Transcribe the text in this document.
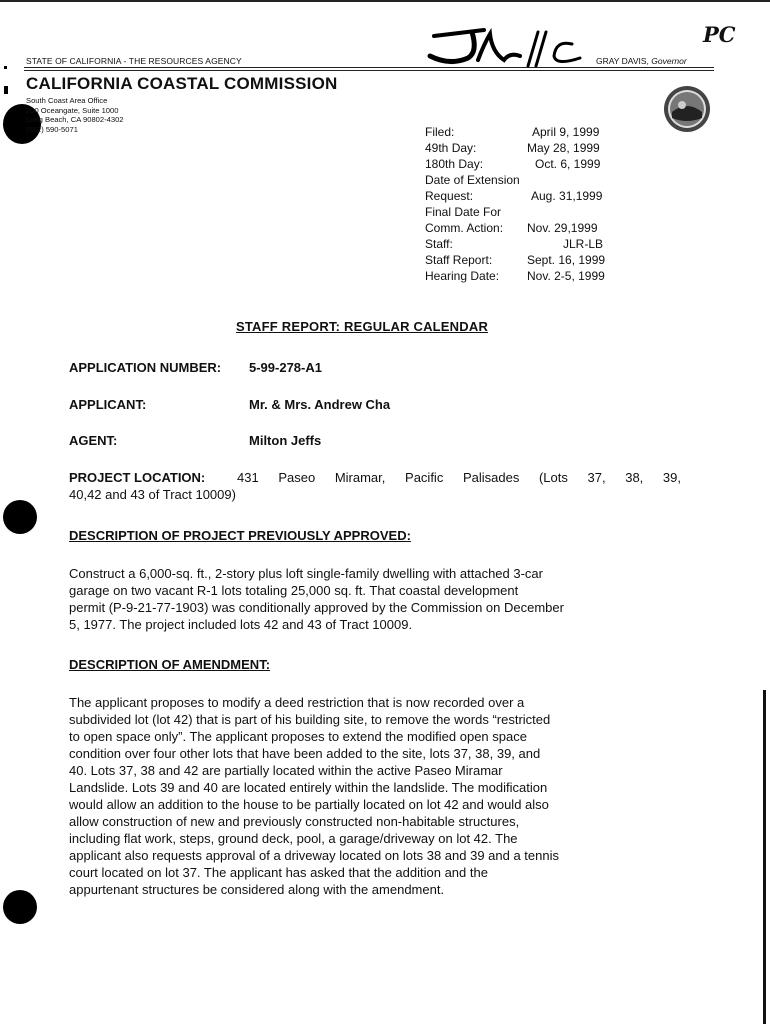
STATE OF CALIFORNIA - THE RESOURCES AGENCY	GRAY DAVIS, Governor
CALIFORNIA COASTAL COMMISSION
South Coast Area Office
200 Oceangate, Suite 1000
Long Beach, CA 90802-4302
(562) 590-5071
PC
Filed:	April 9, 1999
49th Day:	May 28, 1999
180th Day:	Oct. 6, 1999
Date of Extension
Request:	Aug. 31,1999
Final Date For
Comm. Action: Nov. 29,1999
Staff:	JLR-LB
Staff Report:	Sept. 16, 1999
Hearing Date: Nov. 2-5, 1999
STAFF REPORT: REGULAR CALENDAR
APPLICATION NUMBER: 5-99-278-A1
APPLICANT:	Mr. & Mrs. Andrew Cha
AGENT:	Milton Jeffs
PROJECT LOCATION: 431 Paseo Miramar, Pacific Palisades (Lots 37, 38, 39,
40,42 and 43 of Tract 10009)
DESCRIPTION OF PROJECT PREVIOUSLY APPROVED:
Construct a 6,000-sq. ft., 2-story plus loft single-family dwelling with attached 3-car
garage on two vacant R-1 lots totaling 25,000 sq. ft. That coastal development
permit (P-9-21-77-1903) was conditionally approved by the Commission on December
5, 1977. The project included lots 42 and 43 of Tract 10009.
DESCRIPTION OF AMENDMENT:
The applicant proposes to modify a deed restriction that is now recorded over a
subdivided lot (lot 42) that is part of his building site, to remove the words “restricted
to open space only”. The applicant proposes to extend the modified open space
condition over four other lots that have been added to the site, lots 37, 38, 39, and
40. Lots 37, 38 and 42 are partially located within the active Paseo Miramar
Landslide. Lots 39 and 40 are located entirely within the landslide. The modification
would allow an addition to the house to be partially located on lot 42 and would also
allow construction of new and previously constructed non-habitable structures,
including flat work, steps, ground deck, pool, a garage/driveway on lot 42. The
applicant also requests approval of a driveway located on lots 38 and 39 and a tennis
court located on lot 37. The applicant has asked that the addition and the
appurtenant structures be considered along with the amendment.
